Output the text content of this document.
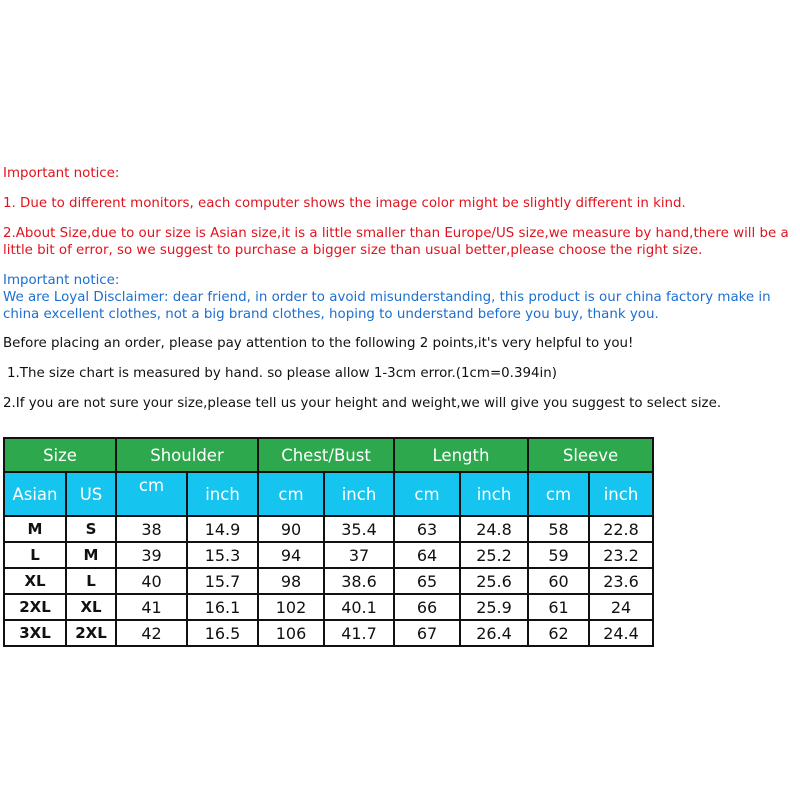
Important notice:

1. Due to different monitors, each computer shows the image color might be slightly different in kind.

2.About Size,due to our size is Asian size,it is a little smaller than Europe/US size,we measure by hand,there will be a little bit of error, so we suggest to purchase a bigger size than usual better,please choose the right size.

Important notice:

We are Loyal Disclaimer: dear friend, in order to avoid misunderstanding, this product is our china factory make in china excellent clothes, not a big brand clothes, hoping to understand before you buy, thank you.

Before placing an order, please pay attention to the following 2 points,it's very helpful to you!

1.The size chart is measured by hand. so please allow 1-3cm error.(1cm=0.394in)

2.If you are not sure your size,please tell us your height and weight,we will give you suggest to select size.

Size		Shoulder		Chest/Bust		Length		Sleeve	
Asian	US	cm	inch	cm	inch	cm	inch	cm	inch
M	S	38	14.9	90	35.4	63	24.8	58	22.8
L	M	39	15.3	94	37	64	25.2	59	23.2
XL	L	40	15.7	98	38.6	65	25.6	60	23.6
2XL	XL	41	16.1	102	40.1	66	25.9	61	24
3XL	2XL	42	16.5	106	41.7	67	26.4	62	24.4
